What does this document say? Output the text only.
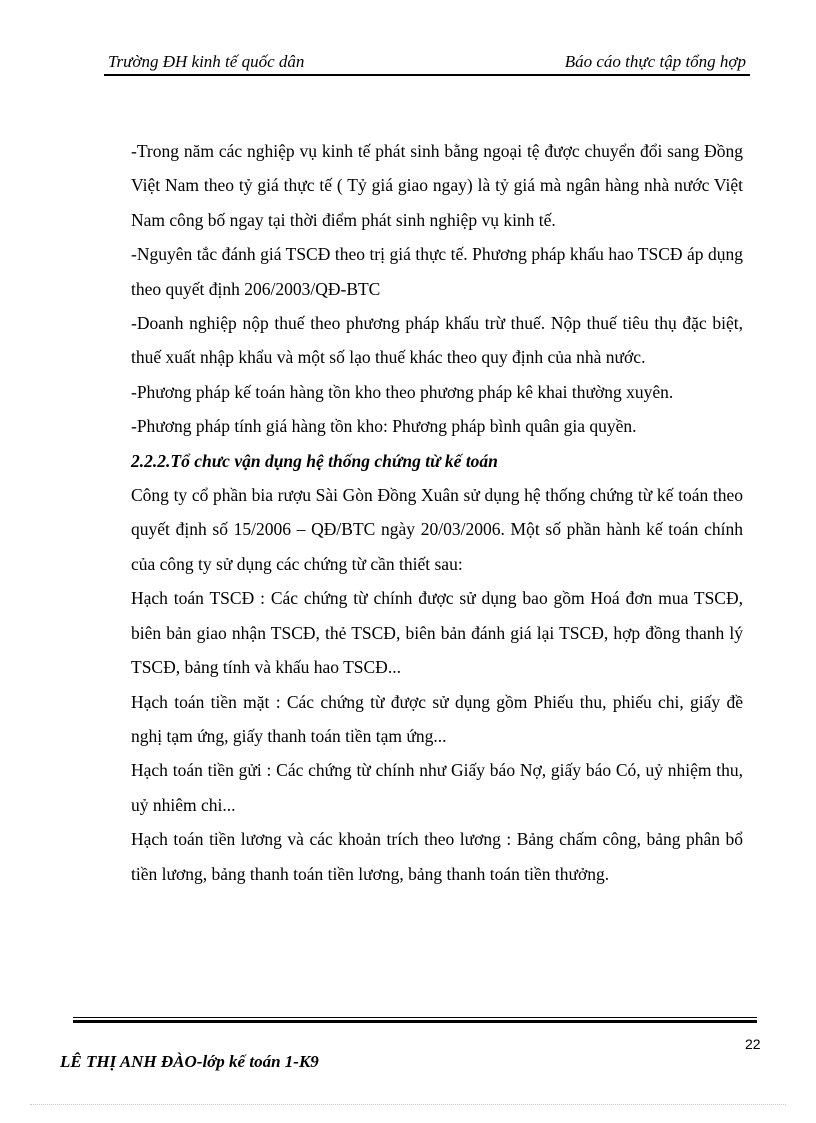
Trường ĐH kinh tế quốc dân	Báo cáo thực tập tổng hợp

-Trong năm các nghiệp vụ kinh tế phát sinh bằng ngoại tệ được chuyển đổi sang Đồng Việt Nam theo tỷ giá thực tế ( Tỷ giá giao ngay) là tỷ giá mà ngân hàng nhà nước Việt Nam công bố ngay tại thời điểm phát sinh nghiệp vụ kinh tế.

-Nguyên tắc đánh giá TSCĐ theo trị giá thực tế. Phương pháp khấu hao TSCĐ áp dụng theo quyết định 206/2003/QĐ-BTC

-Doanh nghiệp nộp thuế theo phương pháp khấu trừ thuế. Nộp thuế tiêu thụ đặc biệt, thuế xuất nhập khẩu và một số lạo thuế khác theo quy định của nhà nước.

-Phương pháp kế toán hàng tồn kho theo phương pháp kê khai thường xuyên.

-Phương pháp tính giá hàng tồn kho: Phương pháp bình quân gia quyền.

2.2.2.Tổ chưc vận dụng hệ thống chứng từ kế toán

Công ty cổ phần bia rượu Sài Gòn Đồng Xuân sử dụng hệ thống chứng từ kế toán theo quyết định số 15/2006 – QĐ/BTC ngày 20/03/2006. Một số phần hành kế toán chính của công ty sử dụng các chứng từ cần thiết sau:

Hạch toán TSCĐ : Các chứng từ chính được sử dụng bao gồm Hoá đơn mua TSCĐ, biên bản giao nhận TSCĐ, thẻ TSCĐ, biên bản đánh giá lại TSCĐ, hợp đồng thanh lý TSCĐ, bảng tính và khấu hao TSCĐ...

Hạch toán tiền mặt : Các chứng từ được sử dụng gồm Phiếu thu, phiếu chi, giấy đề nghị tạm ứng, giấy thanh toán tiền tạm ứng...

Hạch toán tiền gửi : Các chứng từ chính như Giấy báo Nợ, giấy báo Có, uỷ nhiệm thu, uỷ nhiêm chi...

Hạch toán tiền lương và các khoản trích theo lương : Bảng chấm công, bảng phân bổ tiền lương, bảng thanh toán tiền lương, bảng thanh toán tiền thưởng.

22
LÊ THỊ ANH ĐÀO-lớp kế toán 1-K9
